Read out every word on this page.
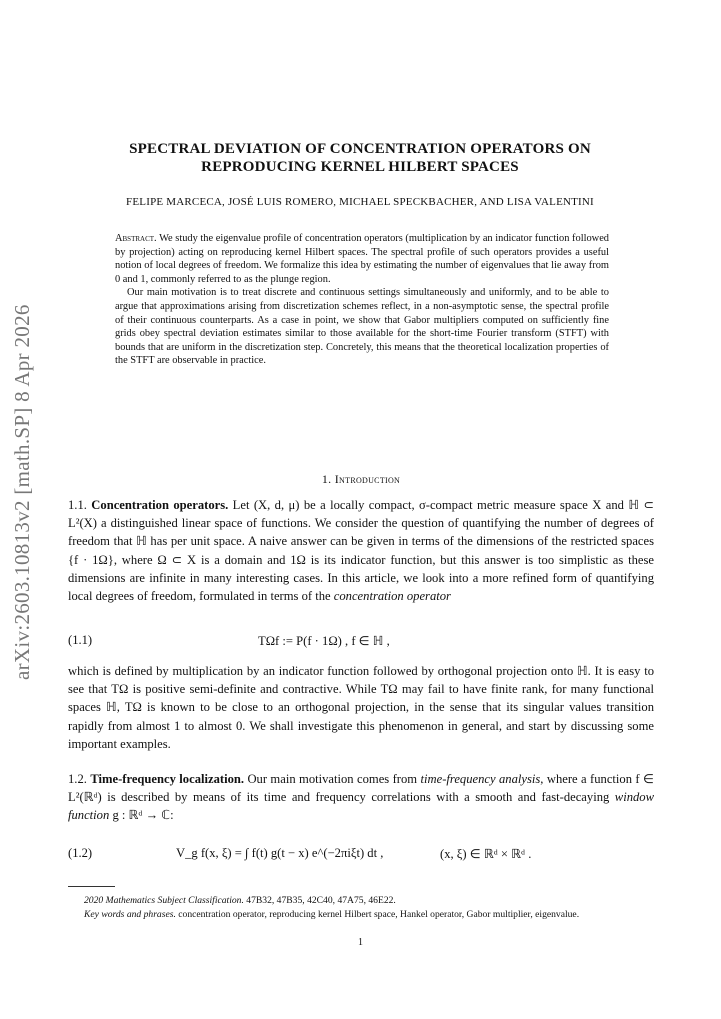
arXiv:2603.10813v2 [math.SP] 8 Apr 2026
SPECTRAL DEVIATION OF CONCENTRATION OPERATORS ON
REPRODUCING KERNEL HILBERT SPACES
FELIPE MARCECA, JOSÉ LUIS ROMERO, MICHAEL SPECKBACHER, AND LISA VALENTINI

Abstract. We study the eigenvalue profile of concentration operators (multiplication by an indicator function followed by projection) acting on reproducing kernel Hilbert spaces. The spectral profile of such operators provides a useful notion of local degrees of freedom. We formalize this idea by estimating the number of eigenvalues that lie away from 0 and 1, commonly referred to as the plunge region.

Our main motivation is to treat discrete and continuous settings simultaneously and uniformly, and to be able to argue that approximations arising from discretization schemes reflect, in a non-asymptotic sense, the spectral profile of their continuous counterparts. As a case in point, we show that Gabor multipliers computed on sufficiently fine grids obey spectral deviation estimates similar to those available for the short-time Fourier transform (STFT) with bounds that are uniform in the discretization step. Concretely, this means that the theoretical localization properties of the STFT are observable in practice.

1. Introduction

1.1. Concentration operators. Let (X, d, μ) be a locally compact, σ-compact metric measure space X and ℍ ⊂ L²(X) a distinguished linear space of functions. We consider the question of quantifying the number of degrees of freedom that ℍ has per unit space. A naive answer can be given in terms of the dimensions of the restricted spaces {f · 1Ω}, where Ω ⊂ X is a domain and 1Ω is its indicator function, but this answer is too simplistic as these dimensions are infinite in many interesting cases. In this article, we look into a more refined form of quantifying local degrees of freedom, formulated in terms of the concentration operator

(1.1)	TΩf := P(f · 1Ω) , f ∈ ℍ ,
which is defined by multiplication by an indicator function followed by orthogonal projection onto ℍ. It is easy to see that TΩ is positive semi-definite and contractive. While TΩ may fail to have finite rank, for many functional spaces ℍ, TΩ is known to be close to an orthogonal projection, in the sense that its singular values transition rapidly from almost 1 to almost 0. We shall investigate this phenomenon in general, and start by discussing some important examples.

1.2. Time-frequency localization. Our main motivation comes from time-frequency analysis, where a function f ∈ L²(ℝᵈ) is described by means of its time and frequency correlations with a smooth and fast-decaying window function g : ℝᵈ → ℂ:

(1.2)	V_g f(x, ξ) = ∫ f(t) g(t − x) e^(−2πiξt) dt ,	(x, ξ) ∈ ℝᵈ × ℝᵈ .
2020 Mathematics Subject Classification. 47B32, 47B35, 42C40, 47A75, 46E22.
Key words and phrases. concentration operator, reproducing kernel Hilbert space, Hankel operator, Gabor multiplier, eigenvalue.
1
